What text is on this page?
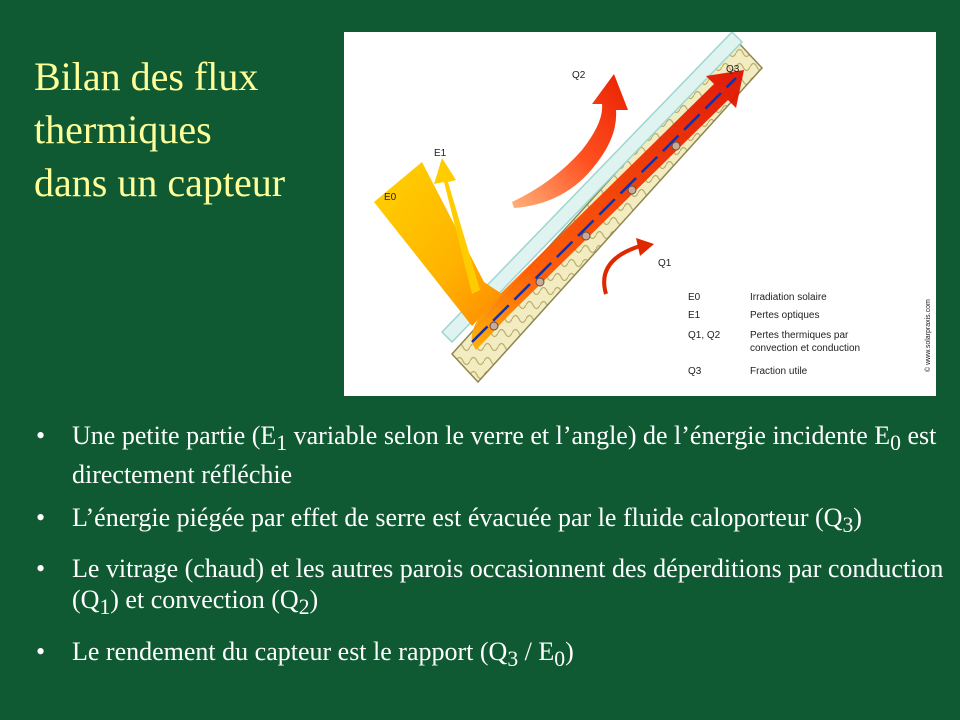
Bilan des flux
thermiques
dans un capteur	E0
E1
Q2
Q3
Q1
E0	Irradiation solaire
E1	Pertes optiques
Q1, Q2	Pertes thermiques par
convection et conduction
Q3	Fraction utile	© www.solarpraxis.com
• Une petite partie ($E_1$ variable selon le verre et l’angle) de l’énergie incidente $E_0$ est directement réfléchie
• L’énergie piégée par effet de serre est évacuée par le fluide caloporteur $(Q_3)$
• Le vitrage (chaud) et les autres parois occasionnent des déperditions par conduction $(Q_1)$ et convection $(Q_2)$
• Le rendement du capteur est le rapport $(Q_3 / E_0)$
